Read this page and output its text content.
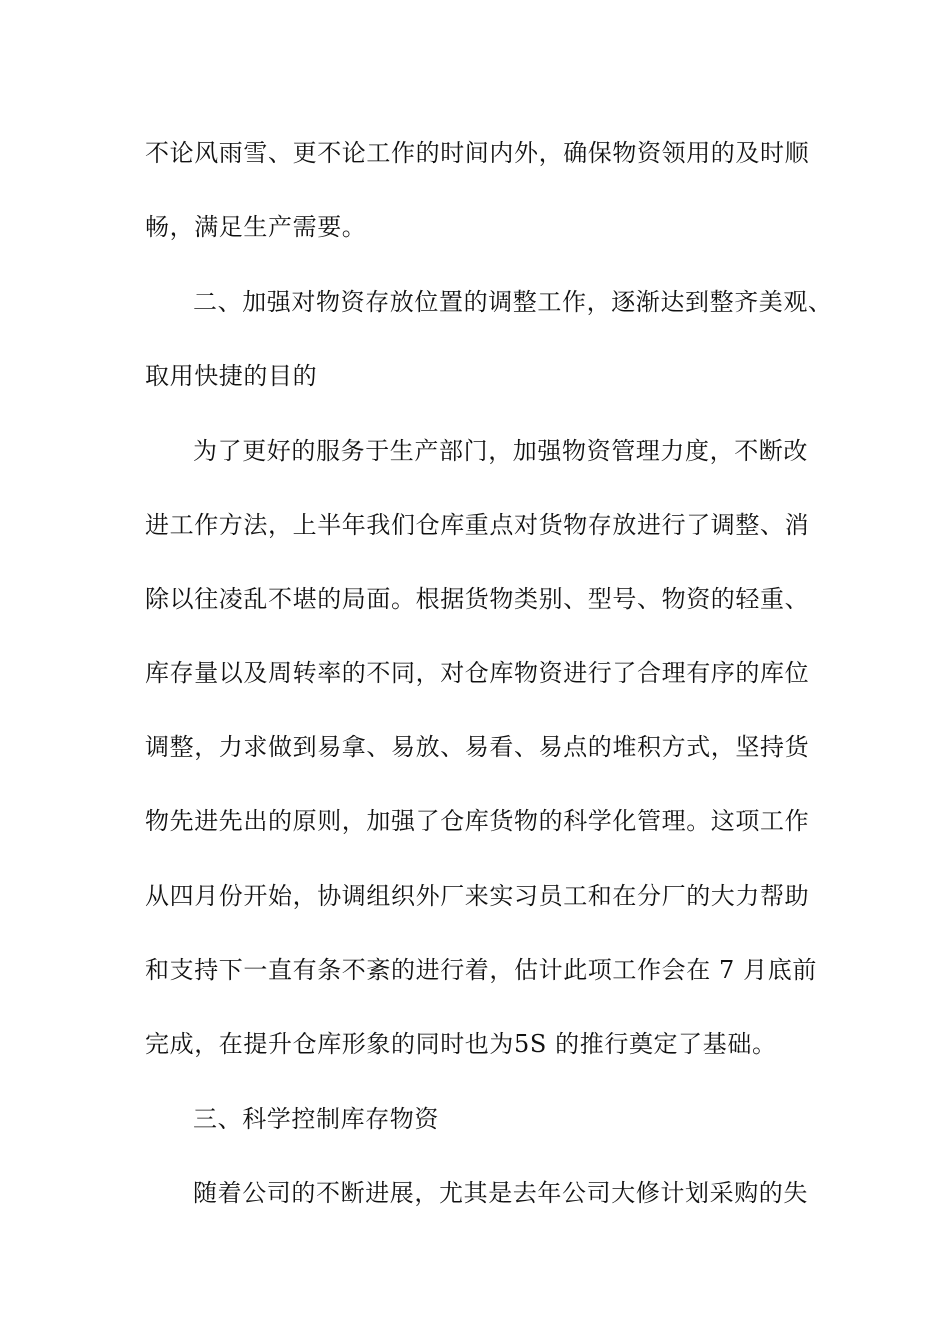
不论风雨雪、更不论工作的时间内外，确保物资领用的及时顺
畅，满足生产需要。
二、加强对物资存放位置的调整工作，逐渐达到整齐美观、
取用快捷的目的
为了更好的服务于生产部门，加强物资管理力度，不断改
进工作方法，上半年我们仓库重点对货物存放进行了调整、消
除以往凌乱不堪的局面。根据货物类别、型号、物资的轻重、
库存量以及周转率的不同，对仓库物资进行了合理有序的库位
调整，力求做到易拿、易放、易看、易点的堆积方式，坚持货
物先进先出的原则，加强了仓库货物的科学化管理。这项工作
从四月份开始，协调组织外厂来实习员工和在分厂的大力帮助
和支持下一直有条不紊的进行着，估计此项工作会在 7 月底前
完成，在提升仓库形象的同时也为5S 的推行奠定了基础。
三、科学控制库存物资
随着公司的不断进展，尤其是去年公司大修计划采购的失
